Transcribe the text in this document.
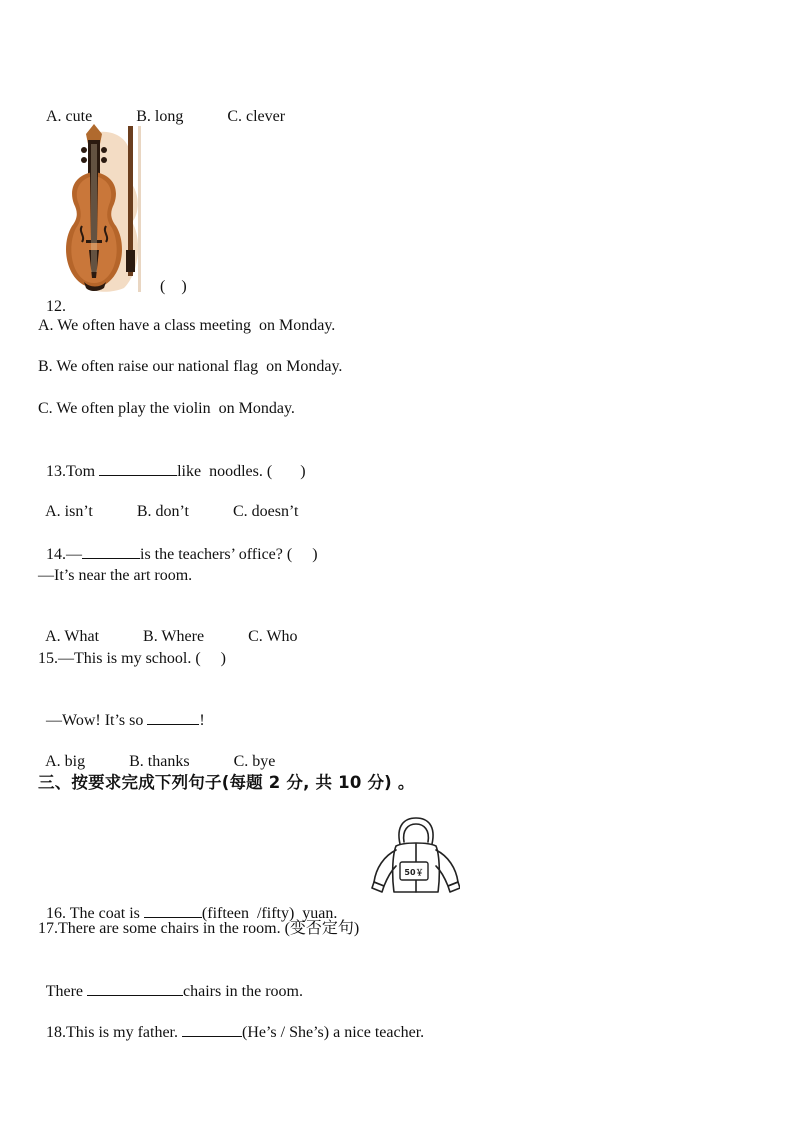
A. cute	B. long	C. clever

12.

(    )
A. We often have a class meeting  on Monday.
B. We often raise our national flag  on Monday.
C. We often play the violin  on Monday.

13.Tom	like  noodles. (       )

A. isn’t	B. don’t	C. doesn’t

14.—	is the teachers’ office? (     )

—It’s near the art room.

A. What	B. Where	C. Who

15.—This is my school. (     )

—Wow! It’s so	!

A. big	B. thanks	C. bye

三、按要求完成下列句子(每题 2 分, 共 10 分) 。
50￥

16. The coat is	(fifteen  /fifty)  yuan.

17.There are some chairs in the room. (变否定句)

There	chairs in the room.

18.This is my father.	(He’s / She’s) a nice teacher.
